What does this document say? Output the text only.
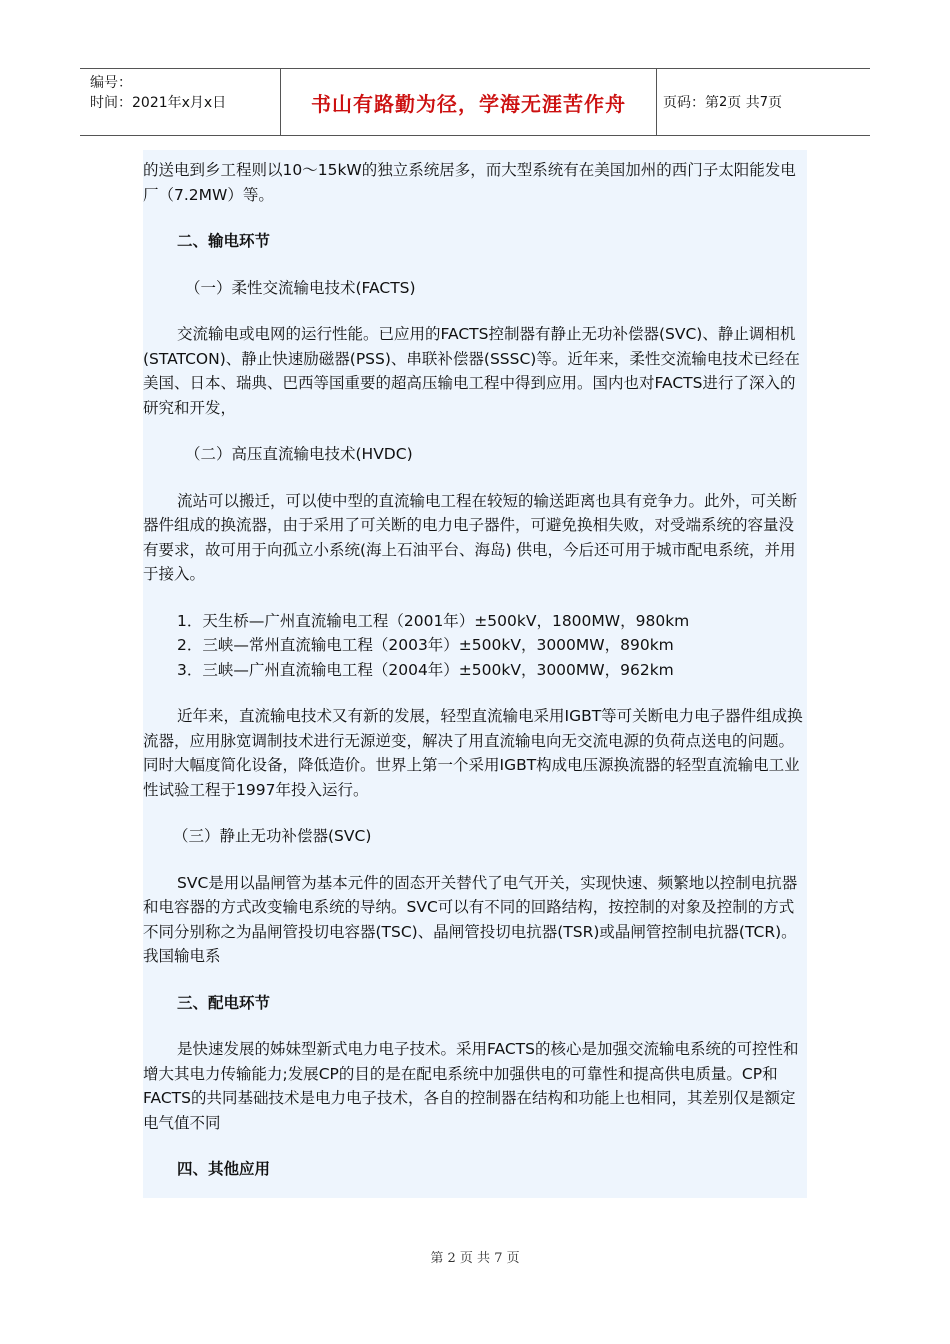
编号：
时间：2021年x月x日	书山有路勤为径，学海无涯苦作舟	页码：第 2 页 共 7 页

的送电到乡工程则以10～15kW的独立系统居多，而大型系统有在美国加州的西门子太阳能发电厂（7.2MW）等。

二、输电环节

（一）柔性交流输电技术(FACTS)

交流输电或电网的运行性能。已应用的FACTS控制器有静止无功补偿器(SVC)、静止调相机(STATCON)、静止快速励磁器(PSS)、串联补偿器(SSSC)等。近年来，柔性交流输电技术已经在美国、日本、瑞典、巴西等国重要的超高压输电工程中得到应用。国内也对FACTS进行了深入的研究和开发，

（二）高压直流输电技术(HVDC)

流站可以搬迁，可以使中型的直流输电工程在较短的输送距离也具有竞争力。此外，可关断器件组成的换流器，由于采用了可关断的电力电子器件，可避免换相失败，对受端系统的容量没有要求，故可用于向孤立小系统(海上石油平台、海岛) 供电，今后还可用于城市配电系统，并用于接入。

1．天生桥—广州直流输电工程（2001年）±500kV，1800MW，980km

2．三峡—常州直流输电工程（2003年）±500kV，3000MW，890km

3．三峡—广州直流输电工程（2004年）±500kV，3000MW，962km

近年来，直流输电技术又有新的发展，轻型直流输电采用IGBT等可关断电力电子器件组成换流器，应用脉宽调制技术进行无源逆变，解决了用直流输电向无交流电源的负荷点送电的问题。同时大幅度简化设备，降低造价。世界上第一个采用IGBT构成电压源换流器的轻型直流输电工业性试验工程于1997年投入运行。

（三）静止无功补偿器(SVC)

SVC是用以晶闸管为基本元件的固态开关替代了电气开关，实现快速、频繁地以控制电抗器和电容器的方式改变输电系统的导纳。SVC可以有不同的回路结构，按控制的对象及控制的方式不同分别称之为晶闸管投切电容器(TSC)、晶闸管投切电抗器(TSR)或晶闸管控制电抗器(TCR)。我国输电系

三、配电环节

是快速发展的姊妹型新式电力电子技术。采用FACTS的核心是加强交流输电系统的可控性和增大其电力传输能力;发展CP的目的是在配电系统中加强供电的可靠性和提高供电质量。CP和FACTS的共同基础技术是电力电子技术，各自的控制器在结构和功能上也相同，其差别仅是额定电气值不同

四、其他应用

第 2 页 共 7 页
